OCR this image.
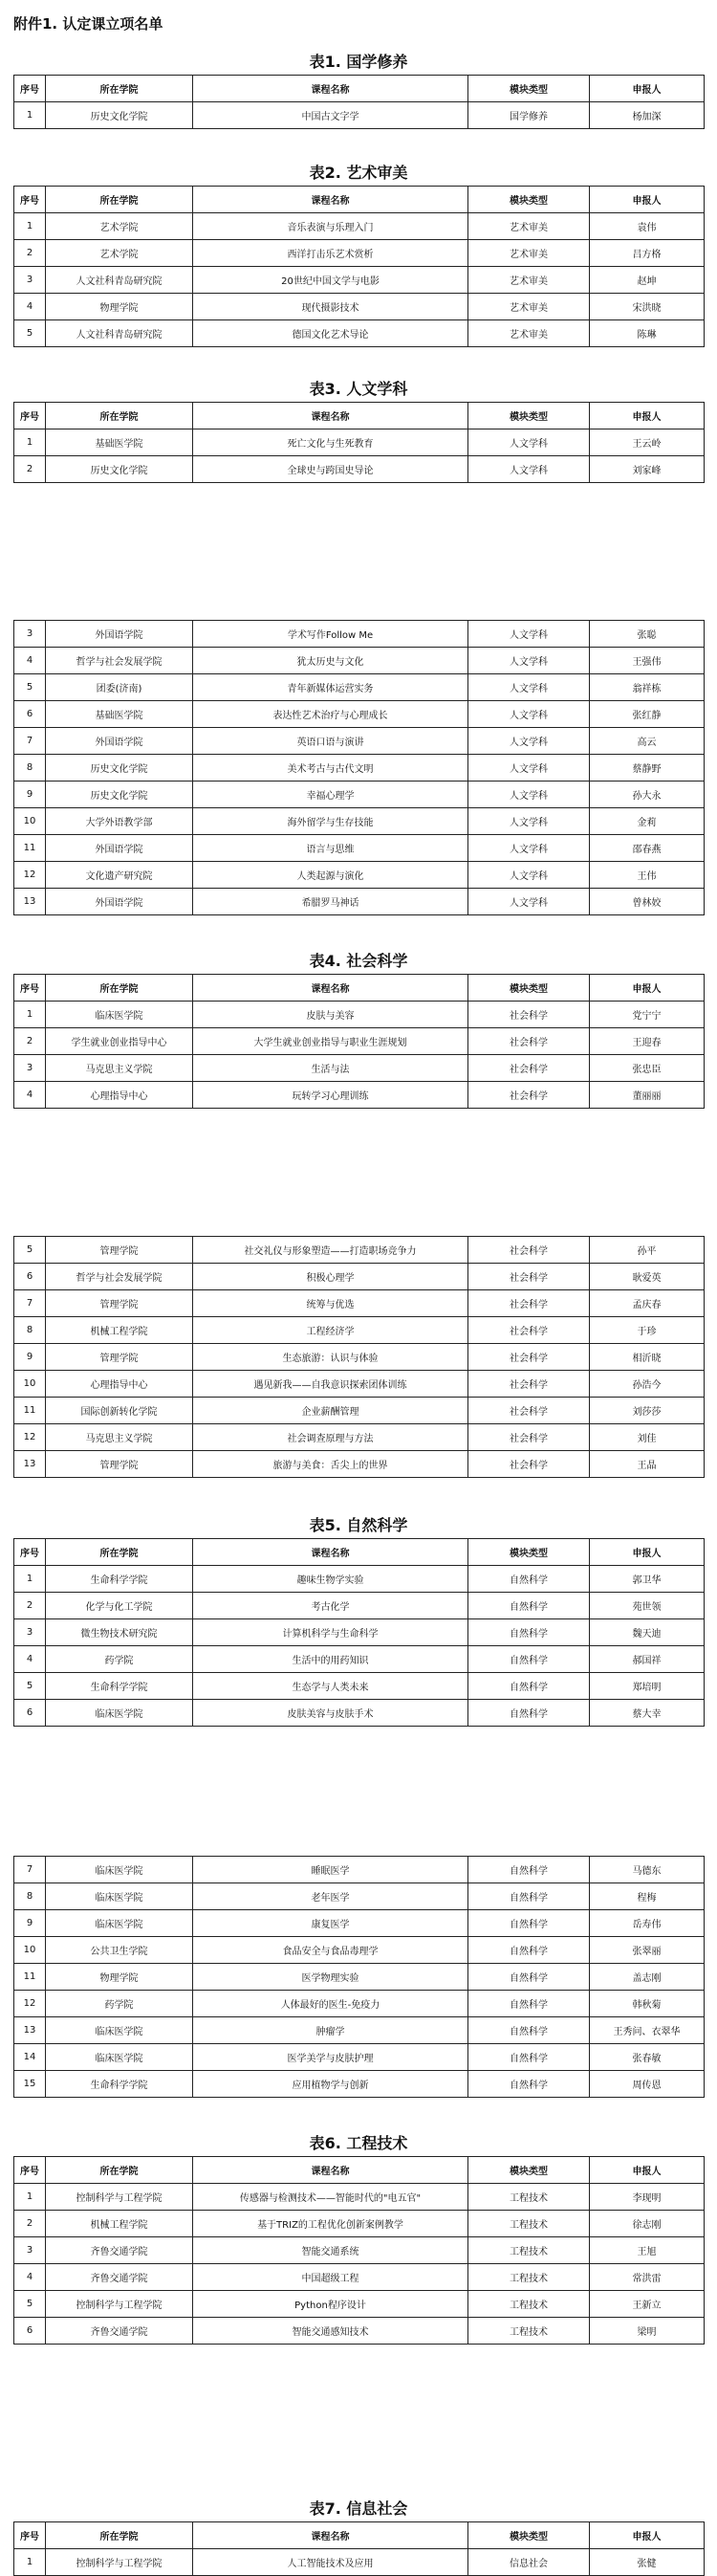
附件1. 认定课立项名单
表1. 国学修养
序号	所在学院	课程名称	模块类型	申报人
1	历史文化学院	中国古文字学	国学修养	杨加深
表2. 艺术审美
序号	所在学院	课程名称	模块类型	申报人
1	艺术学院	音乐表演与乐理入门	艺术审美	袁伟
2	艺术学院	西洋打击乐艺术赏析	艺术审美	吕方格
3	人文社科青岛研究院	20世纪中国文学与电影	艺术审美	赵坤
4	物理学院	现代摄影技术	艺术审美	宋洪晓
5	人文社科青岛研究院	德国文化艺术导论	艺术审美	陈琳
表3. 人文学科
序号	所在学院	课程名称	模块类型	申报人
1	基础医学院	死亡文化与生死教育	人文学科	王云岭
2	历史文化学院	全球史与跨国史导论	人文学科	刘家峰
3	外国语学院	学术写作Follow Me	人文学科	张聪
4	哲学与社会发展学院	犹太历史与文化	人文学科	王强伟
5	团委(济南)	青年新媒体运营实务	人文学科	翁祥栋
6	基础医学院	表达性艺术治疗与心理成长	人文学科	张红静
7	外国语学院	英语口语与演讲	人文学科	高云
8	历史文化学院	美术考古与古代文明	人文学科	蔡静野
9	历史文化学院	幸福心理学	人文学科	孙大永
10	大学外语教学部	海外留学与生存技能	人文学科	金莉
11	外国语学院	语言与思维	人文学科	邵春燕
12	文化遗产研究院	人类起源与演化	人文学科	王伟
13	外国语学院	希腊罗马神话	人文学科	曾林姣
表4. 社会科学
序号	所在学院	课程名称	模块类型	申报人
1	临床医学院	皮肤与美容	社会科学	党宁宁
2	学生就业创业指导中心	大学生就业创业指导与职业生涯规划	社会科学	王迎春
3	马克思主义学院	生活与法	社会科学	张忠臣
4	心理指导中心	玩转学习心理训练	社会科学	董丽丽
5	管理学院	社交礼仪与形象塑造——打造职场竞争力	社会科学	孙平
6	哲学与社会发展学院	积极心理学	社会科学	耿爱英
7	管理学院	统筹与优选	社会科学	孟庆春
8	机械工程学院	工程经济学	社会科学	于珍
9	管理学院	生态旅游：认识与体验	社会科学	相沂晓
10	心理指导中心	遇见新我——自我意识探索团体训练	社会科学	孙浩今
11	国际创新转化学院	企业薪酬管理	社会科学	刘莎莎
12	马克思主义学院	社会调查原理与方法	社会科学	刘佳
13	管理学院	旅游与美食：舌尖上的世界	社会科学	王晶
表5. 自然科学
序号	所在学院	课程名称	模块类型	申报人
1	生命科学学院	趣味生物学实验	自然科学	郭卫华
2	化学与化工学院	考古化学	自然科学	苑世领
3	微生物技术研究院	计算机科学与生命科学	自然科学	魏天迪
4	药学院	生活中的用药知识	自然科学	郝国祥
5	生命科学学院	生态学与人类未来	自然科学	郑培明
6	临床医学院	皮肤美容与皮肤手术	自然科学	蔡大幸
7	临床医学院	睡眠医学	自然科学	马德东
8	临床医学院	老年医学	自然科学	程梅
9	临床医学院	康复医学	自然科学	岳寿伟
10	公共卫生学院	食品安全与食品毒理学	自然科学	张翠丽
11	物理学院	医学物理实验	自然科学	盖志刚
12	药学院	人体最好的医生-免疫力	自然科学	韩秋菊
13	临床医学院	肿瘤学	自然科学	王秀问、衣翠华
14	临床医学院	医学美学与皮肤护理	自然科学	张春敏
15	生命科学学院	应用植物学与创新	自然科学	周传恩
表6. 工程技术
序号	所在学院	课程名称	模块类型	申报人
1	控制科学与工程学院	传感器与检测技术——智能时代的"电五官"	工程技术	李现明
2	机械工程学院	基于TRIZ的工程优化创新案例教学	工程技术	徐志刚
3	齐鲁交通学院	智能交通系统	工程技术	王旭
4	齐鲁交通学院	中国超级工程	工程技术	常洪雷
5	控制科学与工程学院	Python程序设计	工程技术	王新立
6	齐鲁交通学院	智能交通感知技术	工程技术	梁明
表7. 信息社会
序号	所在学院	课程名称	模块类型	申报人
1	控制科学与工程学院	人工智能技术及应用	信息社会	张健
